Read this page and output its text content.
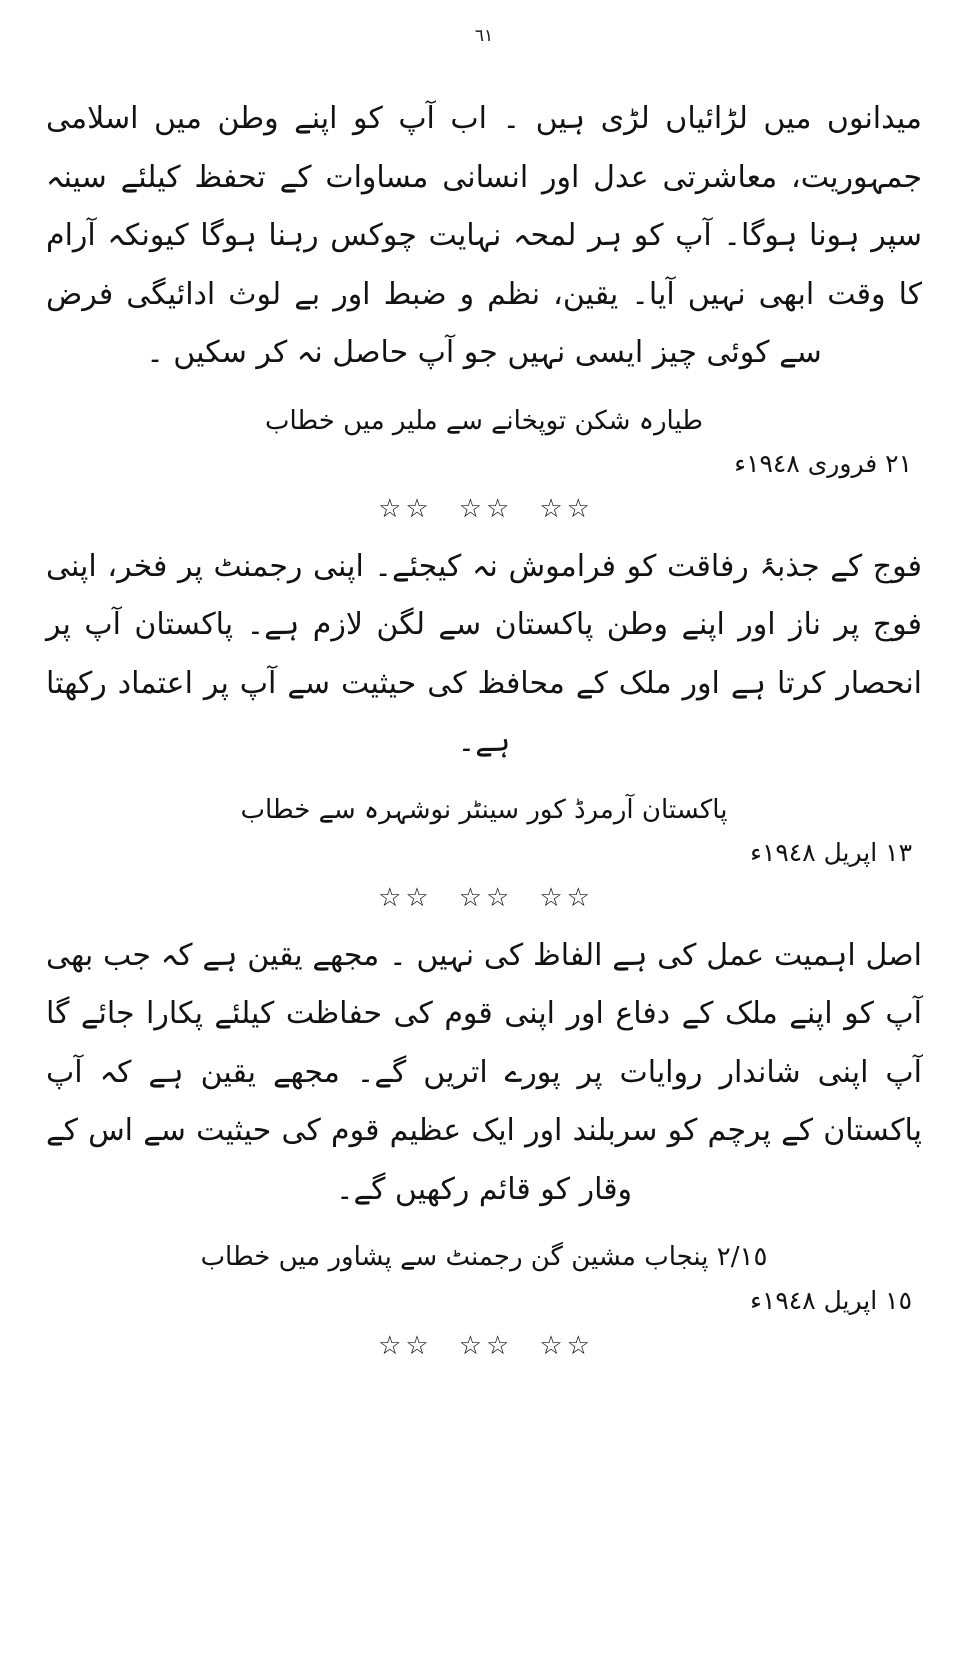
٦١

میدانوں میں لڑائیاں لڑی ہیں ۔ اب آپ کو اپنے وطن میں اسلامی جمہوریت، معاشرتی عدل اور انسانی مساوات کے تحفظ کیلئے سینہ سپر ہونا ہوگا۔ آپ کو ہر لمحہ نہایت چوکس رہنا ہوگا کیونکہ آرام کا وقت ابھی نہیں آیا۔ یقین، نظم و ضبط اور بے لوث ادائیگی فرض سے کوئی چیز ایسی نہیں جو آپ حاصل نہ کر سکیں ۔

طیارہ شکن توپخانے سے ملیر میں خطاب
٢١ فروری ١٩٤٨ء
☆ ☆ ☆ ☆ ☆ ☆

فوج کے جذبۂ رفاقت کو فراموش نہ کیجئے۔ اپنی رجمنٹ پر فخر، اپنی فوج پر ناز اور اپنے وطن پاکستان سے لگن لازم ہے۔ پاکستان آپ پر انحصار کرتا ہے اور ملک کے محافظ کی حیثیت سے آپ پر اعتماد رکھتا ہے۔

پاکستان آرمرڈ کور سینٹر نوشہرہ سے خطاب
١٣ اپریل ١٩٤٨ء
☆ ☆ ☆ ☆ ☆ ☆

اصل اہمیت عمل کی ہے الفاظ کی نہیں ۔ مجھے یقین ہے کہ جب بھی آپ کو اپنے ملک کے دفاع اور اپنی قوم کی حفاظت کیلئے پکارا جائے گا آپ اپنی شاندار روایات پر پورے اتریں گے۔ مجھے یقین ہے کہ آپ پاکستان کے پرچم کو سربلند اور ایک عظیم قوم کی حیثیت سے اس کے وقار کو قائم رکھیں گے۔

٢/١٥ پنجاب مشین گن رجمنٹ سے پشاور میں خطاب
١٥ اپریل ١٩٤٨ء
☆ ☆ ☆ ☆ ☆ ☆
